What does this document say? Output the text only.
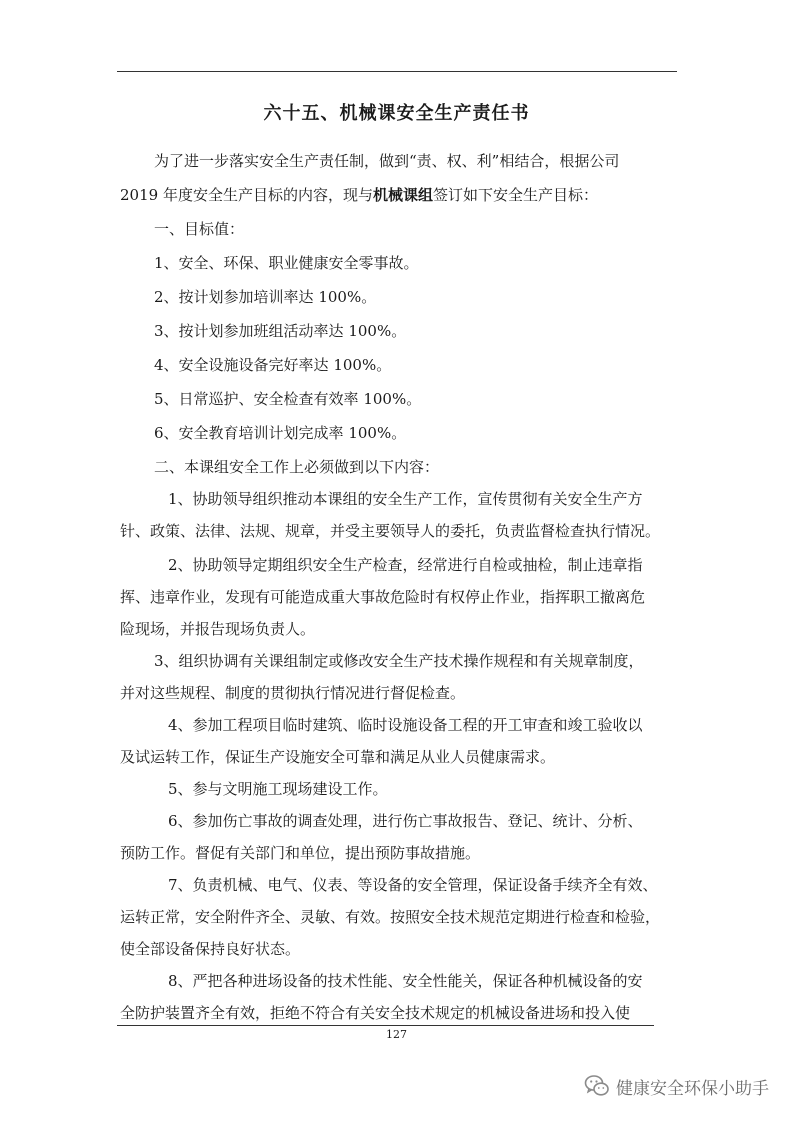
六十五、机械课安全生产责任书
为了进一步落实安全生产责任制，做到“责、权、利”相结合，根据公司
2019 年度安全生产目标的内容，现与机械课组签订如下安全生产目标：
一、目标值：
1、安全、环保、职业健康安全零事故。
2、按计划参加培训率达 100%。
3、按计划参加班组活动率达 100%。
4、安全设施设备完好率达 100%。
5、日常巡护、安全检查有效率 100%。
6、安全教育培训计划完成率 100%。
二、本课组安全工作上必须做到以下内容：
1、协助领导组织推动本课组的安全生产工作，宣传贯彻有关安全生产方
针、政策、法律、法规、规章，并受主要领导人的委托，负责监督检查执行情况。
2、协助领导定期组织安全生产检查，经常进行自检或抽检，制止违章指
挥、违章作业，发现有可能造成重大事故危险时有权停止作业，指挥职工撤离危
险现场，并报告现场负责人。
3、组织协调有关课组制定或修改安全生产技术操作规程和有关规章制度，
并对这些规程、制度的贯彻执行情况进行督促检查。
4、参加工程项目临时建筑、临时设施设备工程的开工审查和竣工验收以
及试运转工作，保证生产设施安全可靠和满足从业人员健康需求。
5、参与文明施工现场建设工作。
6、参加伤亡事故的调查处理，进行伤亡事故报告、登记、统计、分析、
预防工作。督促有关部门和单位，提出预防事故措施。
7、负责机械、电气、仪表、等设备的安全管理，保证设备手续齐全有效、
运转正常，安全附件齐全、灵敏、有效。按照安全技术规范定期进行检查和检验，
使全部设备保持良好状态。
8、严把各种进场设备的技术性能、安全性能关，保证各种机械设备的安
全防护装置齐全有效，拒绝不符合有关安全技术规定的机械设备进场和投入使
127
健康安全环保小助手
